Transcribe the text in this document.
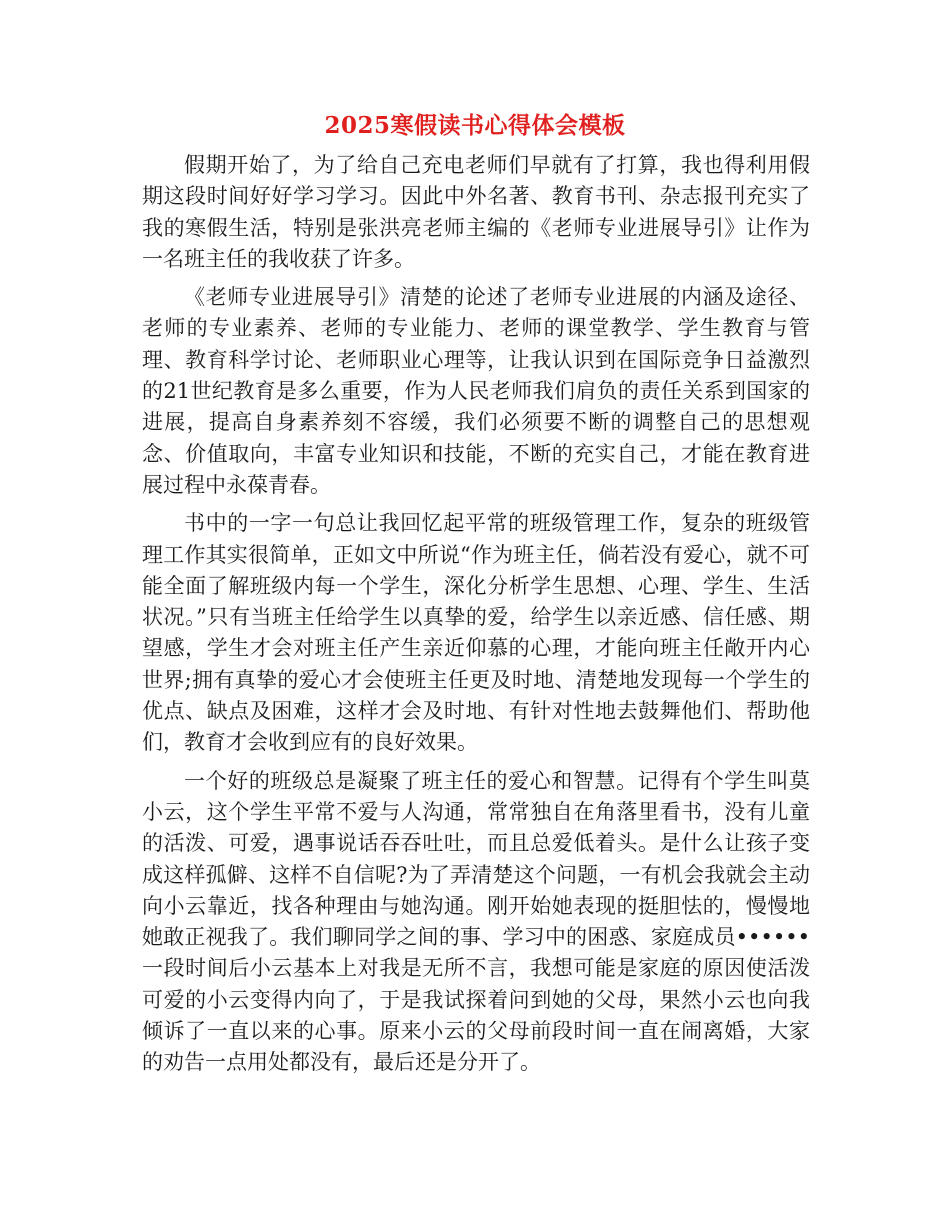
2025寒假读书心得体会模板

假期开始了，为了给自己充电老师们早就有了打算，我也得利用假期这段时间好好学习学习。因此中外名著、教育书刊、杂志报刊充实了我的寒假生活，特别是张洪亮老师主编的《老师专业进展导引》让作为一名班主任的我收获了许多。

《老师专业进展导引》清楚的论述了老师专业进展的内涵及途径、老师的专业素养、老师的专业能力、老师的课堂教学、学生教育与管理、教育科学讨论、老师职业心理等，让我认识到在国际竞争日益激烈的21世纪教育是多么重要，作为人民老师我们肩负的责任关系到国家的进展，提高自身素养刻不容缓，我们必须要不断的调整自己的思想观念、价值取向，丰富专业知识和技能，不断的充实自己，才能在教育进展过程中永葆青春。

书中的一字一句总让我回忆起平常的班级管理工作，复杂的班级管理工作其实很简单，正如文中所说“作为班主任，倘若没有爱心，就不可能全面了解班级内每一个学生，深化分析学生思想、心理、学生、生活状况。”只有当班主任给学生以真挚的爱，给学生以亲近感、信任感、期望感，学生才会对班主任产生亲近仰慕的心理，才能向班主任敞开内心世界;拥有真挚的爱心才会使班主任更及时地、清楚地发现每一个学生的优点、缺点及困难，这样才会及时地、有针对性地去鼓舞他们、帮助他们，教育才会收到应有的良好效果。

一个好的班级总是凝聚了班主任的爱心和智慧。记得有个学生叫莫小云，这个学生平常不爱与人沟通，常常独自在角落里看书，没有儿童的活泼、可爱，遇事说话吞吞吐吐，而且总爱低着头。是什么让孩子变成这样孤僻、这样不自信呢?为了弄清楚这个问题，一有机会我就会主动向小云靠近，找各种理由与她沟通。刚开始她表现的挺胆怯的，慢慢地她敢正视我了。我们聊同学之间的事、学习中的困惑、家庭成员••••••一段时间后小云基本上对我是无所不言，我想可能是家庭的原因使活泼可爱的小云变得内向了，于是我试探着问到她的父母，果然小云也向我倾诉了一直以来的心事。原来小云的父母前段时间一直在闹离婚，大家的劝告一点用处都没有，最后还是分开了。
